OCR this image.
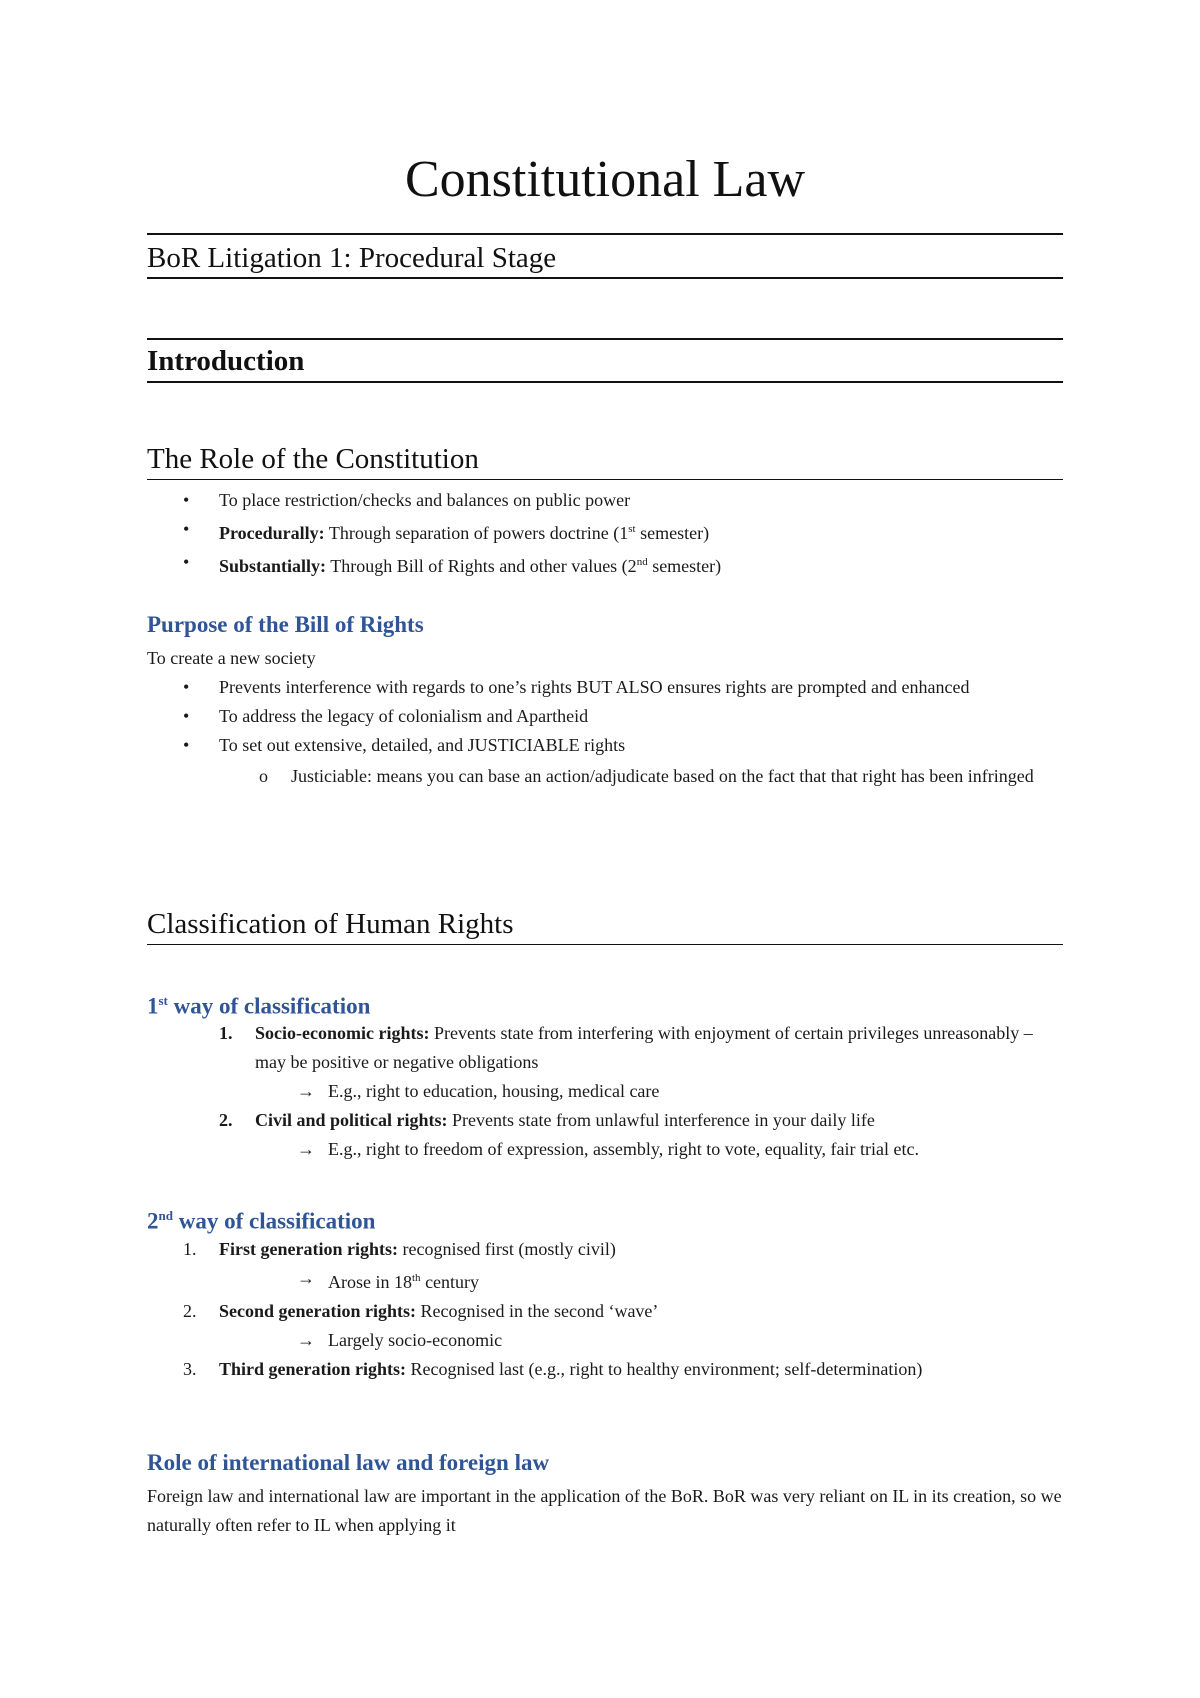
Constitutional Law
BoR Litigation 1: Procedural Stage
Introduction
The Role of the Constitution
•	To place restriction/checks and balances on public power
•	Procedurally: Through separation of powers doctrine (1st semester)
•	Substantially: Through Bill of Rights and other values (2nd semester)
Purpose of the Bill of Rights
To create a new society
•	Prevents interference with regards to one’s rights BUT ALSO ensures rights are prompted and enhanced
•	To address the legacy of colonialism and Apartheid
•	To set out extensive, detailed, and JUSTICIABLE rights
o	Justiciable: means you can base an action/adjudicate based on the fact that that right has been infringed
Classification of Human Rights
1st way of classification
1.	Socio-economic rights: Prevents state from interfering with enjoyment of certain privileges unreasonably – may be positive or negative obligations
→ E.g., right to education, housing, medical care
2.	Civil and political rights: Prevents state from unlawful interference in your daily life
→ E.g., right to freedom of expression, assembly, right to vote, equality, fair trial etc.
2nd way of classification
1.	First generation rights: recognised first (mostly civil)
→ Arose in 18th century
2.	Second generation rights: Recognised in the second ‘wave’
→ Largely socio-economic
3.	Third generation rights: Recognised last (e.g., right to healthy environment; self-determination)
Role of international law and foreign law
Foreign law and international law are important in the application of the BoR. BoR was very reliant on IL in its creation, so we naturally often refer to IL when applying it
